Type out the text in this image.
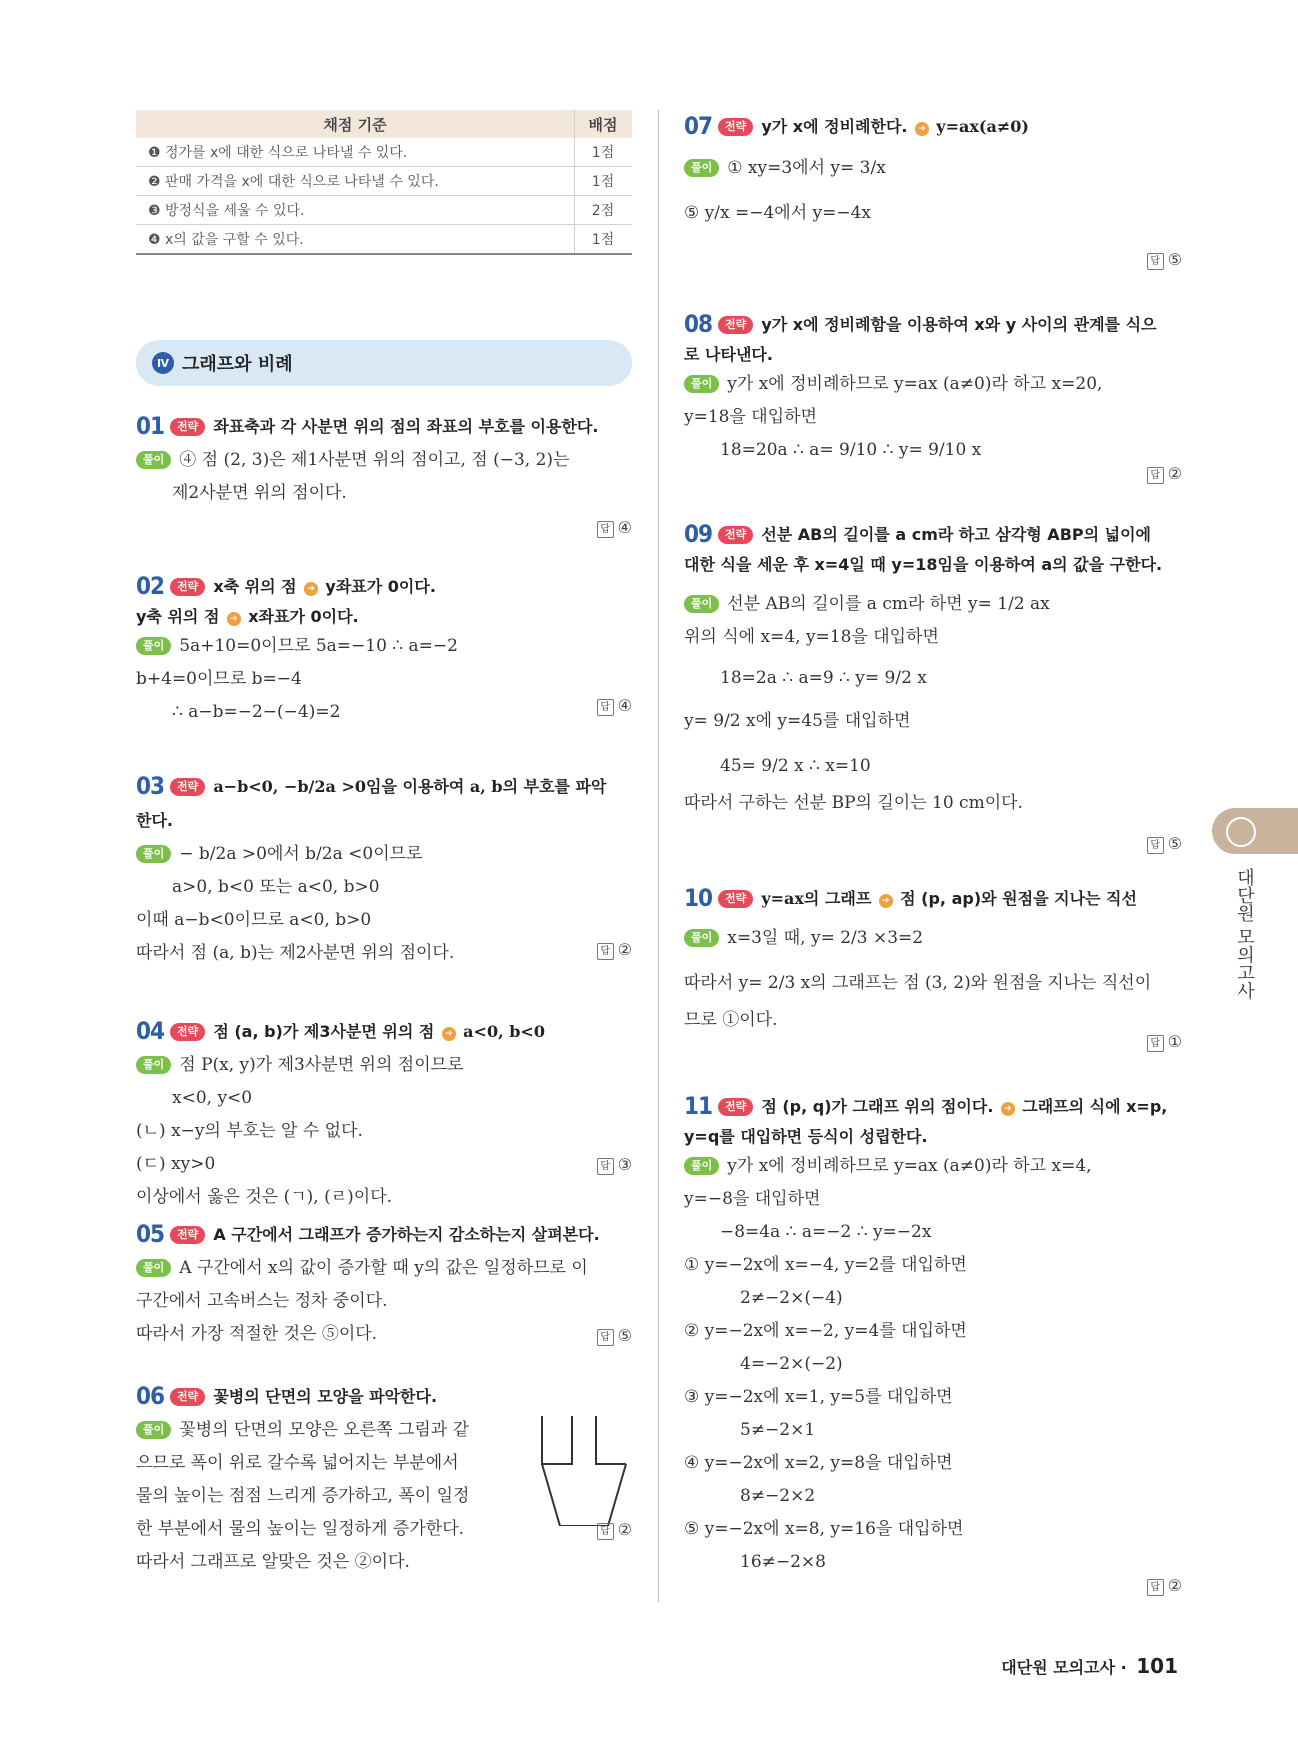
채점 기준	배점
❶ 정가를 x에 대한 식으로 나타낼 수 있다.	1점
❷ 판매 가격을 x에 대한 식으로 나타낼 수 있다.	1점
❸ 방정식을 세울 수 있다.	2점
❹ x의 값을 구할 수 있다.	1점
Ⅳ 그래프와 비례
01 전략 좌표축과 각 사분면 위의 점의 좌표의 부호를 이용한다.
풀이 ④ 점 (2, 3)은 제1사분면 위의 점이고, 점 (−3, 2)는
제2사분면 위의 점이다.
답 ④
02 전략 x축 위의 점 ➜ y좌표가 0이다.
y축 위의 점 ➜ x좌표가 0이다.
풀이 5a+10=0이므로 5a=−10 ∴ a=−2
b+4=0이므로 b=−4
∴ a−b=−2−(−4)=2	답 ④
03 전략 a−b<0, −b/2a >0임을 이용하여 a, b의 부호를 파악
한다.
풀이 − b/2a >0에서 b/2a <0이므로
a>0, b<0 또는 a<0, b>0
이때 a−b<0이므로 a<0, b>0
따라서 점 (a, b)는 제2사분면 위의 점이다.	답 ②
04 전략 점 (a, b)가 제3사분면 위의 점 ➜ a<0, b<0
풀이 점 P(x, y)가 제3사분면 위의 점이므로
x<0, y<0
(ㄴ) x−y의 부호는 알 수 없다.
(ㄷ) xy>0
이상에서 옳은 것은 (ㄱ), (ㄹ)이다.
답 ③
05 전략 A 구간에서 그래프가 증가하는지 감소하는지 살펴본다.
풀이 A 구간에서 x의 값이 증가할 때 y의 값은 일정하므로 이
구간에서 고속버스는 정차 중이다.
따라서 가장 적절한 것은 ⑤이다.	답 ⑤
06 전략 꽃병의 단면의 모양을 파악한다.
풀이 꽃병의 단면의 모양은 오른쪽 그림과 같
으므로 폭이 위로 갈수록 넓어지는 부분에서
물의 높이는 점점 느리게 증가하고, 폭이 일정
한 부분에서 물의 높이는 일정하게 증가한다.
따라서 그래프로 알맞은 것은 ②이다.
답 ②
07 전략 y가 x에 정비례한다. ➜ y=ax(a≠0)
풀이 ① xy=3에서 y= 3/x
⑤ y/x =−4에서 y=−4x
답 ⑤
08 전략 y가 x에 정비례함을 이용하여 x와 y 사이의 관계를 식으
로 나타낸다.
풀이 y가 x에 정비례하므로 y=ax (a≠0)라 하고 x=20,
y=18을 대입하면
18=20a ∴ a= 9/10 ∴ y= 9/10 x
답 ②
09 전략 선분 AB의 길이를 a cm라 하고 삼각형 ABP의 넓이에
대한 식을 세운 후 x=4일 때 y=18임을 이용하여 a의 값을 구한다.
풀이 선분 AB의 길이를 a cm라 하면 y= 1/2 ax
위의 식에 x=4, y=18을 대입하면
18=2a ∴ a=9 ∴ y= 9/2 x
y= 9/2 x에 y=45를 대입하면
45= 9/2 x ∴ x=10
따라서 구하는 선분 BP의 길이는 10 cm이다.
답 ⑤
10 전략 y=ax의 그래프 ➜ 점 (p, ap)와 원점을 지나는 직선
풀이 x=3일 때, y= 2/3 ×3=2
따라서 y= 2/3 x의 그래프는 점 (3, 2)와 원점을 지나는 직선이
므로 ①이다.
답 ①
11 전략 점 (p, q)가 그래프 위의 점이다. ➜ 그래프의 식에 x=p,
y=q를 대입하면 등식이 성립한다.
풀이 y가 x에 정비례하므로 y=ax (a≠0)라 하고 x=4,
y=−8을 대입하면
−8=4a ∴ a=−2 ∴ y=−2x
① y=−2x에 x=−4, y=2를 대입하면
2≠−2×(−4)
② y=−2x에 x=−2, y=4를 대입하면
4=−2×(−2)
③ y=−2x에 x=1, y=5를 대입하면
5≠−2×1
④ y=−2x에 x=2, y=8을 대입하면
8≠−2×2
⑤ y=−2x에 x=8, y=16을 대입하면
16≠−2×8
답 ②
대단원 모의고사
대단원 모의고사 · 101
